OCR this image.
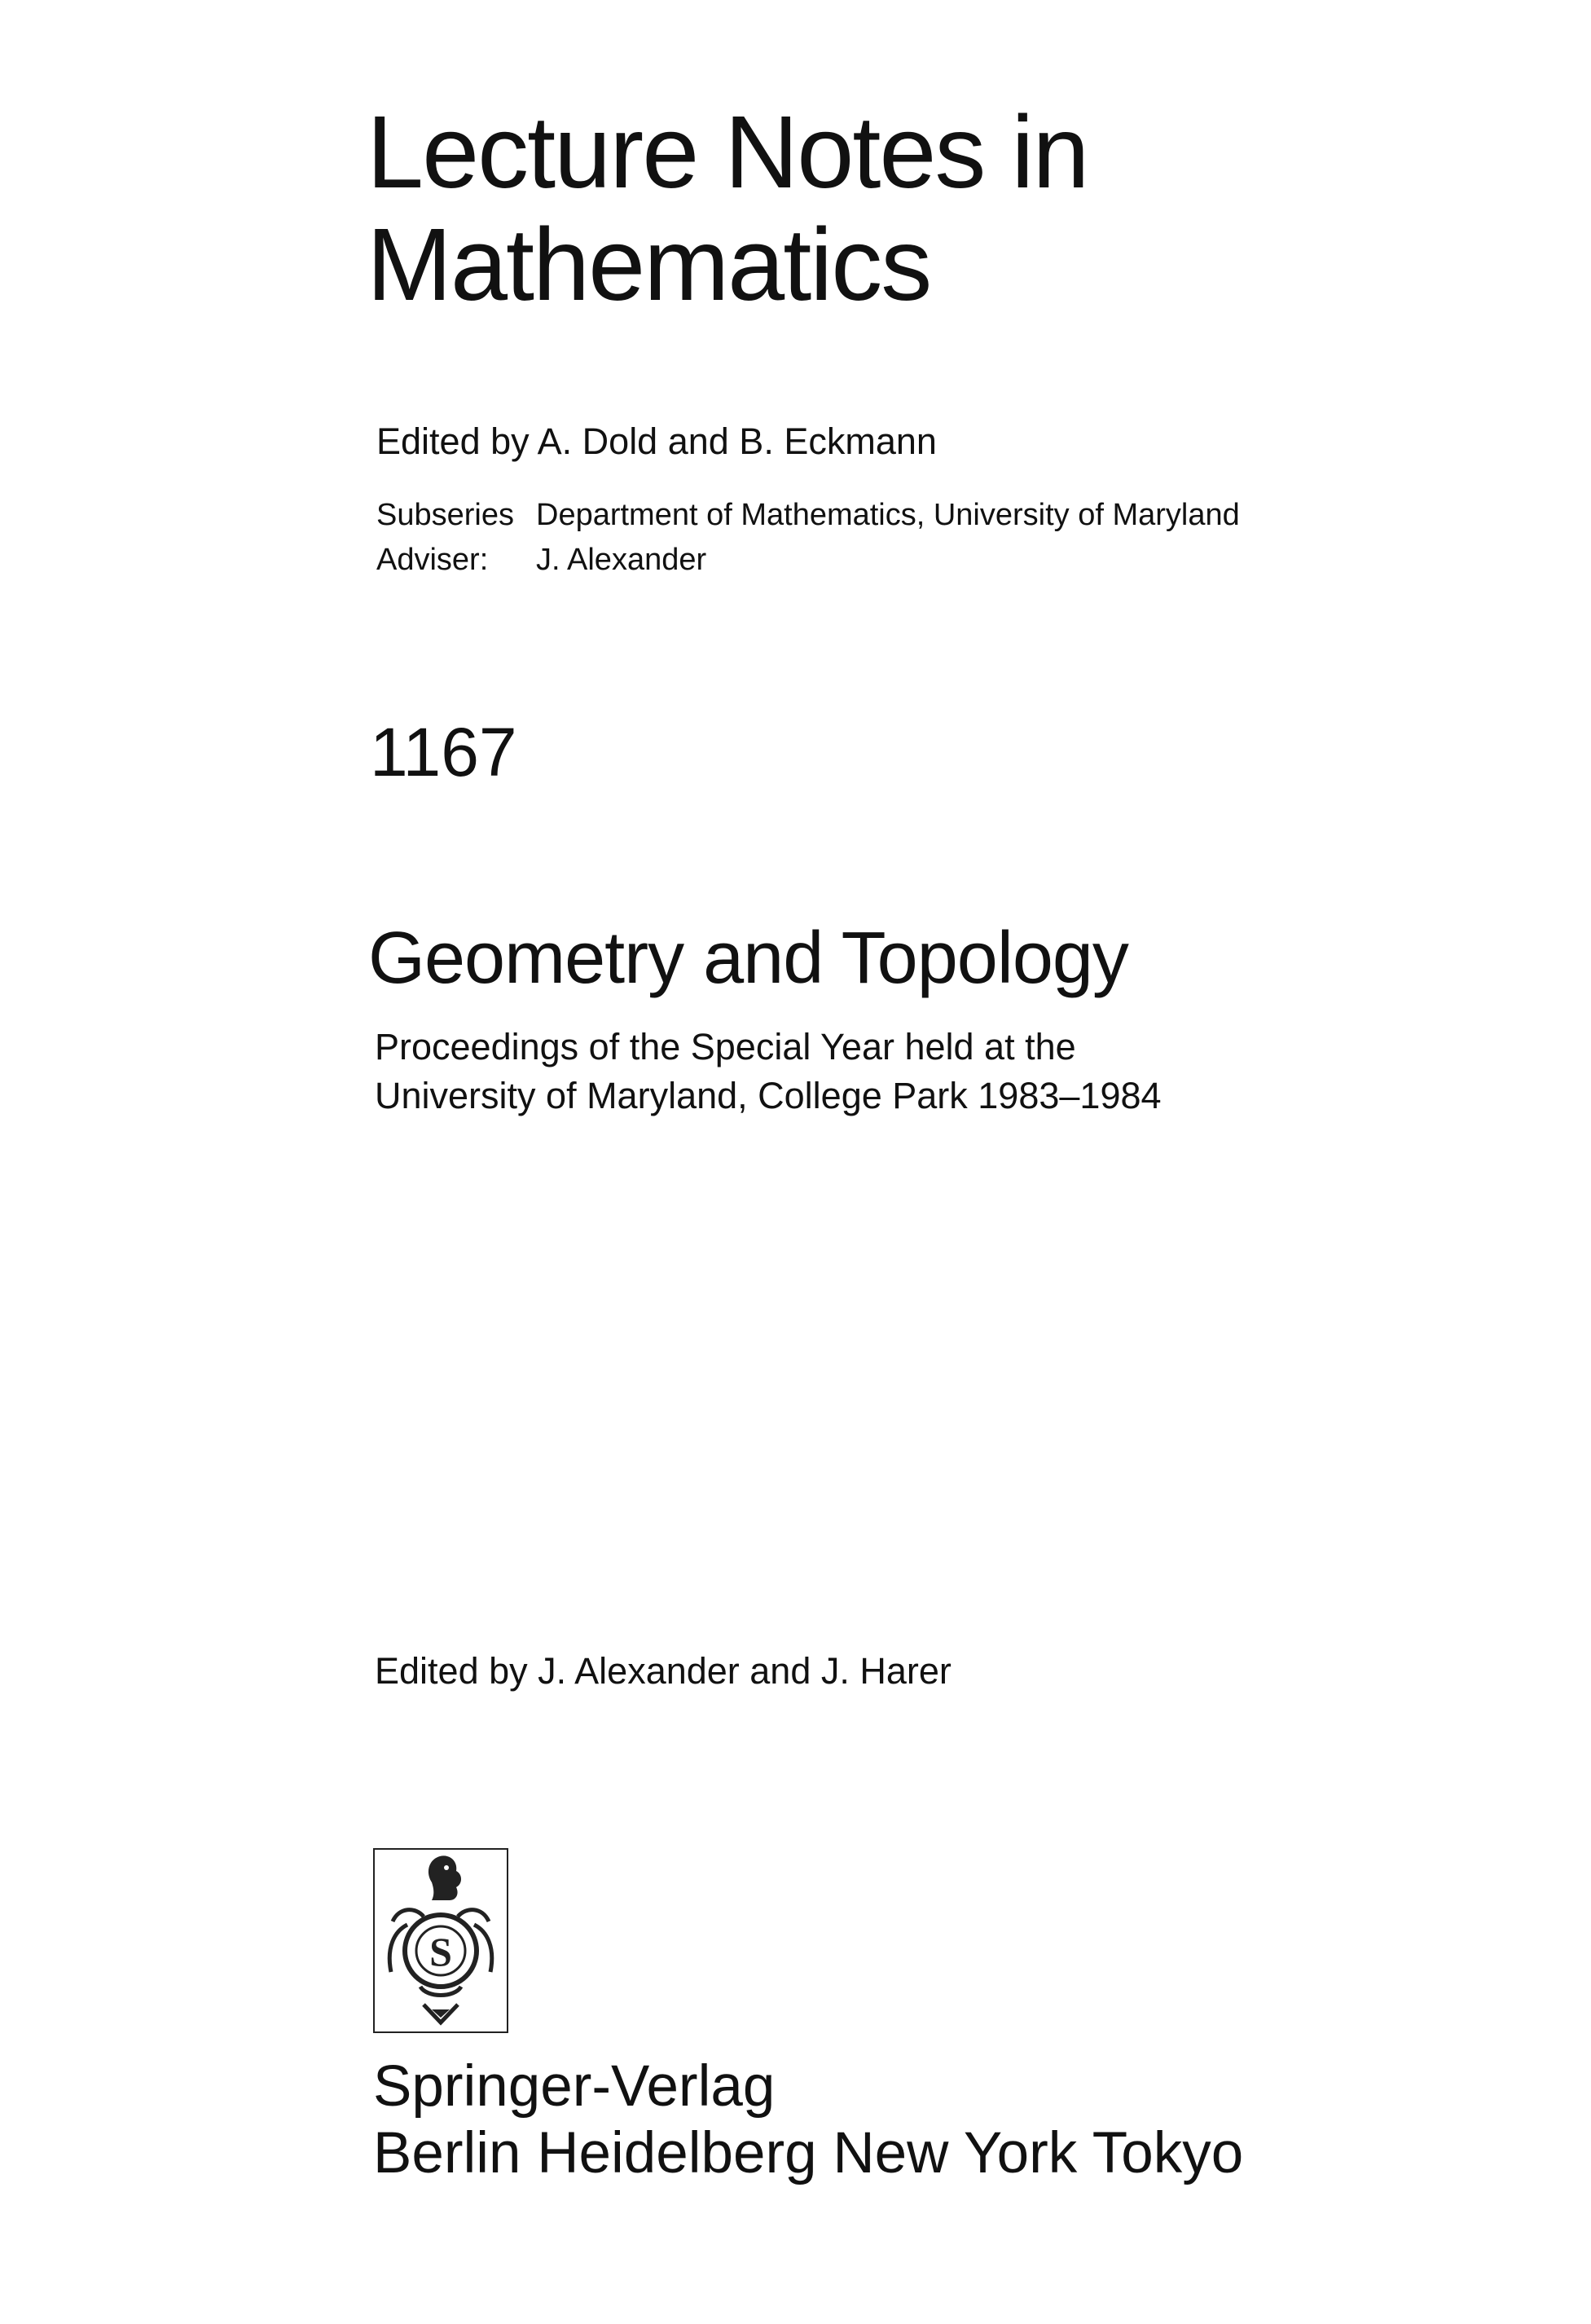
Lecture Notes in
Mathematics
Edited by A. Dold and B. Eckmann
Subseries Department of Mathematics, University of Maryland
Adviser:	J. Alexander
1167
Geometry and Topology
Proceedings of the Special Year held at the
University of Maryland, College Park 1983–1984
Edited by J. Alexander and J. Harer
S
Springer-Verlag
Berlin Heidelberg New York Tokyo
